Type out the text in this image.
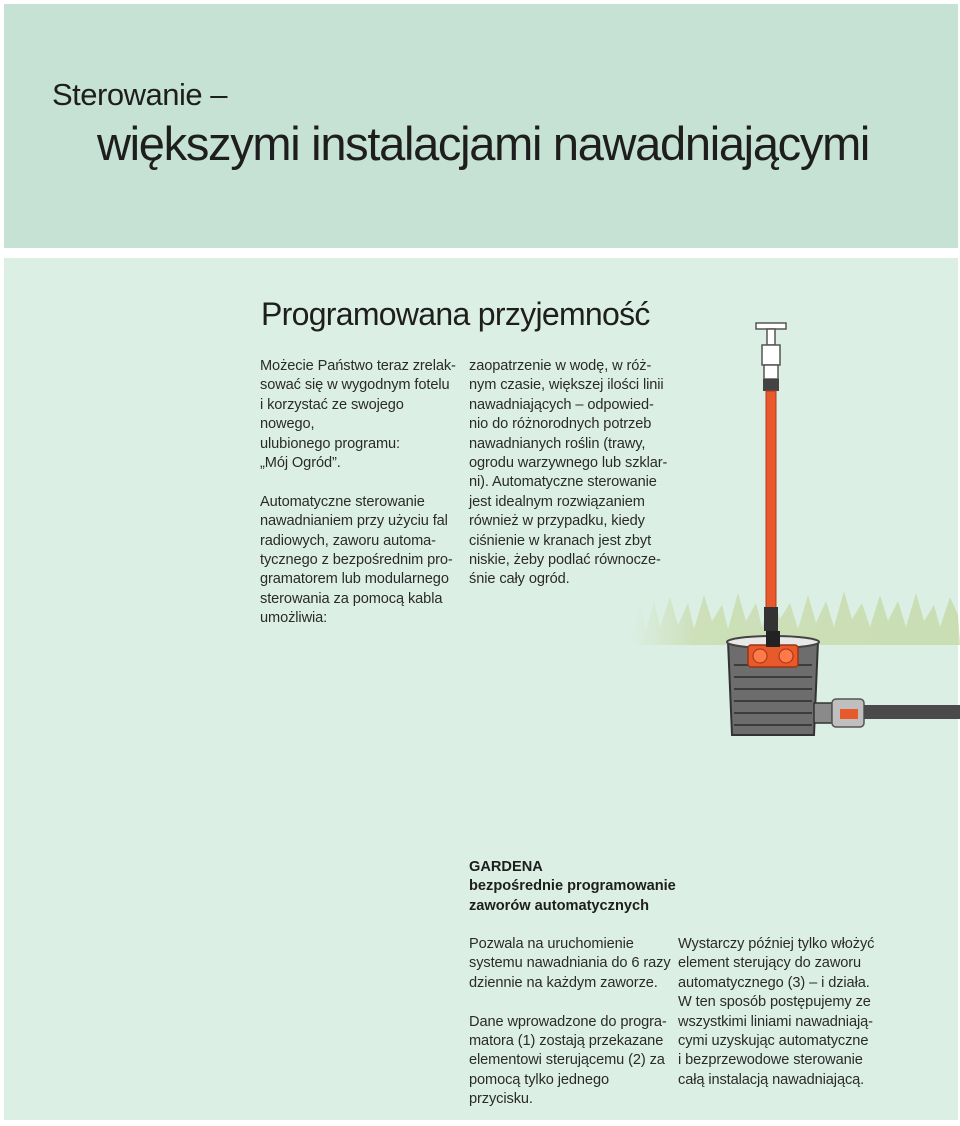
Sterowanie –
większymi instalacjami nawadniającymi
Programowana przyjemność
Możecie Państwo teraz zrelak-
sować się w wygodnym fotelu
i korzystać ze swojego nowego,
ulubionego programu:
„Mój Ogród”.

Automatyczne sterowanie
nawadnianiem przy użyciu fal
radiowych, zaworu automa-
tycznego z bezpośrednim pro-
gramatorem lub modularnego
sterowania za pomocą kabla
umożliwia:
zaopatrzenie w wodę, w róż-
nym czasie, większej ilości linii
nawadniających – odpowied-
nio do różnorodnych potrzeb
nawadnianych roślin (trawy,
ogrodu warzywnego lub szklar-
ni). Automatyczne sterowanie
jest idealnym rozwiązaniem
również w przypadku, kiedy
ciśnienie w kranach jest zbyt
niskie, żeby podlać równocze-
śnie cały ogród.
GARDENA
bezpośrednie programowanie
zaworów automatycznych
Pozwala na uruchomienie
systemu nawadniania do 6 razy
dziennie na każdym zaworze.

Dane wprowadzone do progra-
matora (1) zostają przekazane
elementowi sterującemu (2) za
pomocą tylko jednego przycisku.
Wystarczy później tylko włożyć
element sterujący do zaworu
automatycznego (3) – i działa.
W ten sposób postępujemy ze
wszystkimi liniami nawadniają-
cymi uzyskując automatyczne
i bezprzewodowe sterowanie
całą instalacją nawadniającą.
